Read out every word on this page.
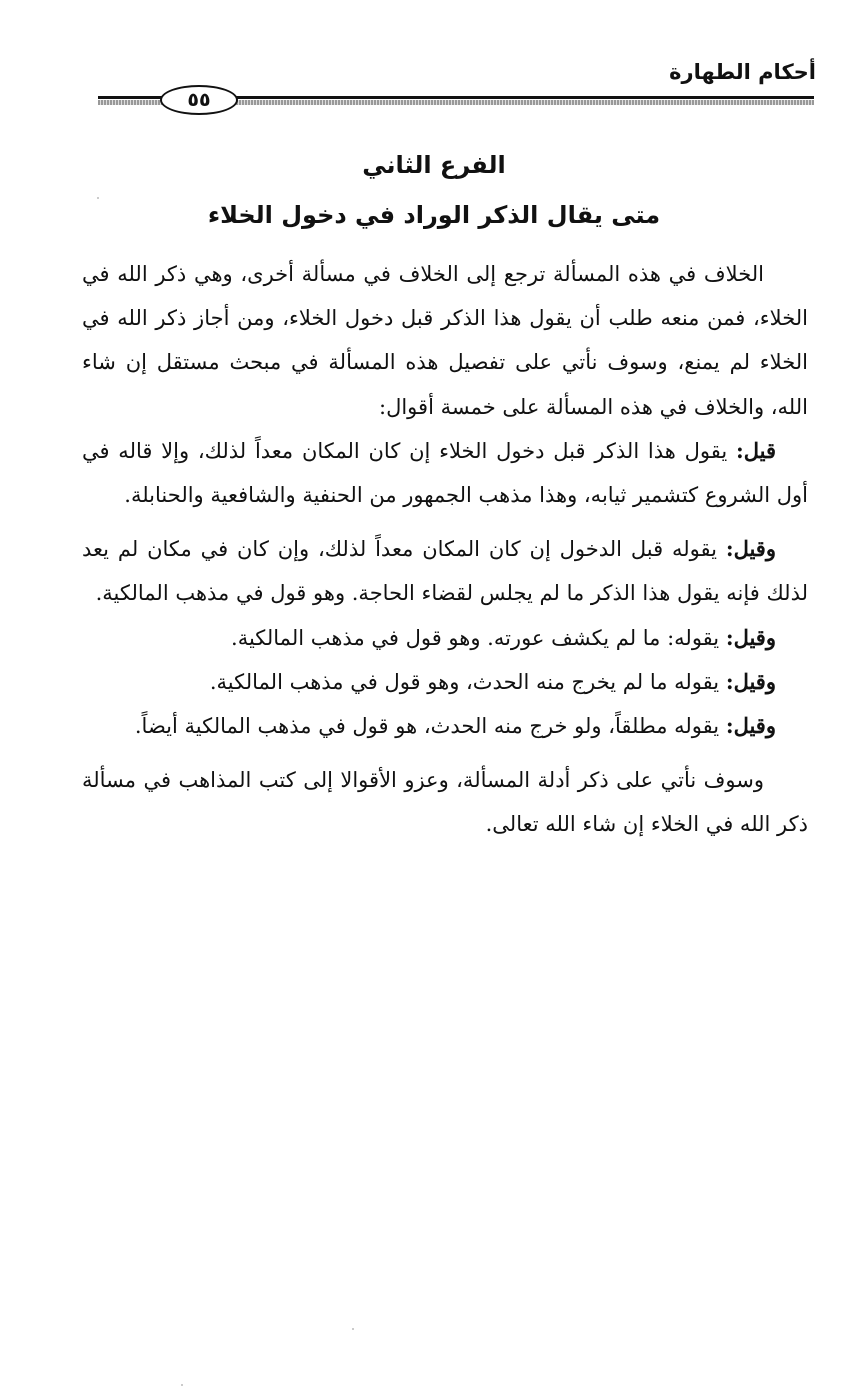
أحكام الطهارة
٥٥
الفرع الثاني
متى يقال الذكر الوراد في دخول الخلاء

الخلاف في هذه المسألة ترجع إلى الخلاف في مسألة أخرى، وهي ذكر الله في الخلاء، فمن منعه طلب أن يقول هذا الذكر قبل دخول الخلاء، ومن أجاز ذكر الله في الخلاء لم يمنع، وسوف نأتي على تفصيل هذه المسألة في مبحث مستقل إن شاء الله، والخلاف في هذه المسألة على خمسة أقوال:

قيل: يقول هذا الذكر قبل دخول الخلاء إن كان المكان معداً لذلك، وإلا قاله في أول الشروع كتشمير ثيابه، وهذا مذهب الجمهور من الحنفية والشافعية والحنابلة.

وقيل: يقوله قبل الدخول إن كان المكان معداً لذلك، وإن كان في مكان لم يعد لذلك فإنه يقول هذا الذكر ما لم يجلس لقضاء الحاجة. وهو قول في مذهب المالكية.

وقيل: يقوله: ما لم يكشف عورته. وهو قول في مذهب المالكية.

وقيل: يقوله ما لم يخرج منه الحدث، وهو قول في مذهب المالكية.

وقيل: يقوله مطلقاً، ولو خرج منه الحدث، هو قول في مذهب المالكية أيضاً.

وسوف نأتي على ذكر أدلة المسألة، وعزو الأقوالا إلى كتب المذاهب في مسألة ذكر الله في الخلاء إن شاء الله تعالى.
